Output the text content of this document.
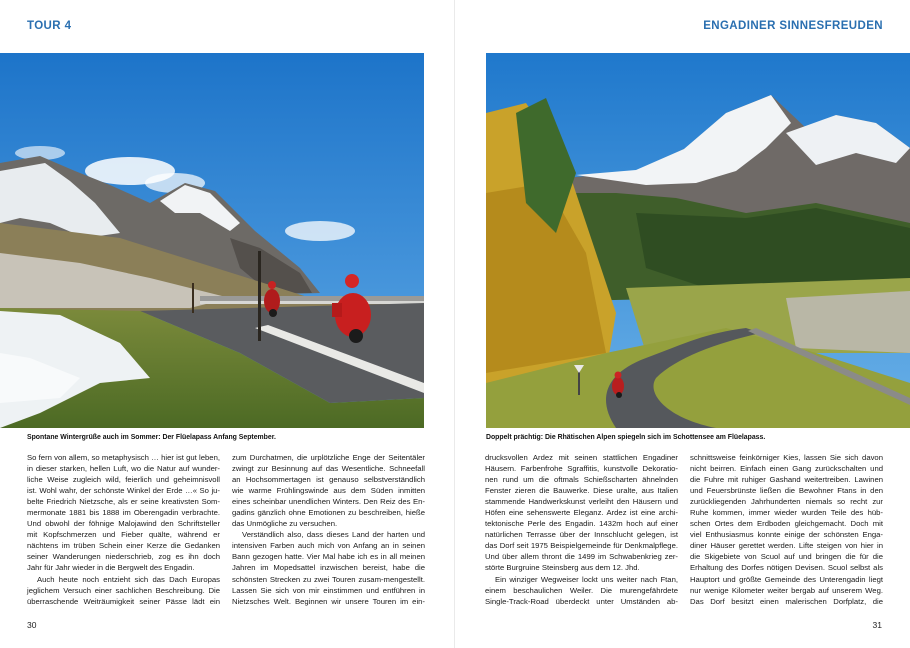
TOUR 4
Spontane Wintergrüße auch im Sommer: Der Flüelapass Anfang September.
So fern von allem, so metaphysisch … hier ist gut leben,
in dieser starken, hellen Luft, wo die Natur auf wunder-
liche Weise zugleich wild, feierlich und geheimnisvoll
ist. Wohl wahr, der schönste Winkel der Erde …« So ju-
belte Friedrich Nietzsche, als er seine kreativsten Som-
mermonate 1881 bis 1888 im Oberengadin verbrachte.
Und obwohl der föhnige Malojawind den Schriftsteller
mit Kopfschmerzen und Fieber quälte, während er
nächtens im trüben Schein einer Kerze die Gedanken
seiner Wanderungen niederschrieb, zog es ihn doch
Jahr für Jahr wieder in die Bergwelt des Engadin.
Auch heute noch entzieht sich das Dach Europas
jeglichem Versuch einer sachlichen Beschreibung. Die
überraschende Weiträumigkeit seiner Pässe lädt ein
zum Durchatmen, die urplötzliche Enge der Seitentäler
zwingt zur Besinnung auf das Wesentliche. Schneefall
an Hochsommertagen ist genauso selbstverständlich
wie warme Frühlingswinde aus dem Süden inmitten
eines scheinbar unendlichen Winters. Den Reiz des En-
gadins gänzlich ohne Emotionen zu beschreiben, hieße
das Unmögliche zu versuchen.
Verständlich also, dass dieses Land der harten und
intensiven Farben auch mich von Anfang an in seinen
Bann gezogen hatte. Vier Mal habe ich es in all meinen
Jahren im Mopedsattel inzwischen bereist, habe die
schönsten Strecken zu zwei Touren zusam-mengestellt.
Lassen Sie sich von mir einstimmen und entführen in
Nietzsches Welt. Beginnen wir unsere Touren im ein-
30
ENGADINER SINNESFREUDEN
Doppelt prächtig: Die Rhätischen Alpen spiegeln sich im Schottensee am Flüelapass.
drucksvollen Ardez mit seinen stattlichen Engadiner
Häusern. Farbenfrohe Sgraffitis, kunstvolle Dekoratio-
nen rund um die oftmals Schießscharten ähnelnden
Fenster zieren die Bauwerke. Diese uralte, aus Italien
stammende Handwerkskunst verleiht den Häusern und
Höfen eine sehenswerte Eleganz. Ardez ist eine archi-
tektonische Perle des Engadin. 1432m hoch auf einer
natürlichen Terrasse über der Innschlucht gelegen, ist
das Dorf seit 1975 Beispielgemeinde für Denkmalpflege.
Und über allem thront die 1499 im Schwabenkrieg zer-
störte Burgruine Steinsberg aus dem 12. Jhd.
Ein winziger Wegweiser lockt uns weiter nach Ftan,
einem beschaulichen Weiler. Die murengefährdete
Single-Track-Road überdeckt unter Umständen ab-
schnittsweise feinkörniger Kies, lassen Sie sich davon
nicht beirren. Einfach einen Gang zurückschalten und
die Fuhre mit ruhiger Gashand weitertreiben. Lawinen
und Feuersbrünste ließen die Bewohner Ftans in den
zurückliegenden Jahrhunderten niemals so recht zur
Ruhe kommen, immer wieder wurden Teile des hüb-
schen Ortes dem Erdboden gleichgemacht. Doch mit
viel Enthusiasmus konnte einige der schönsten Enga-
diner Häuser gerettet werden. Lifte steigen von hier in
die Skigebiete von Scuol auf und bringen die für die
Erhaltung des Dorfes nötigen Devisen. Scuol selbst als
Hauptort und größte Gemeinde des Unterengadin liegt
nur wenige Kilometer weiter bergab auf unserem Weg.
Das Dorf besitzt einen malerischen Dorfplatz, die
31
